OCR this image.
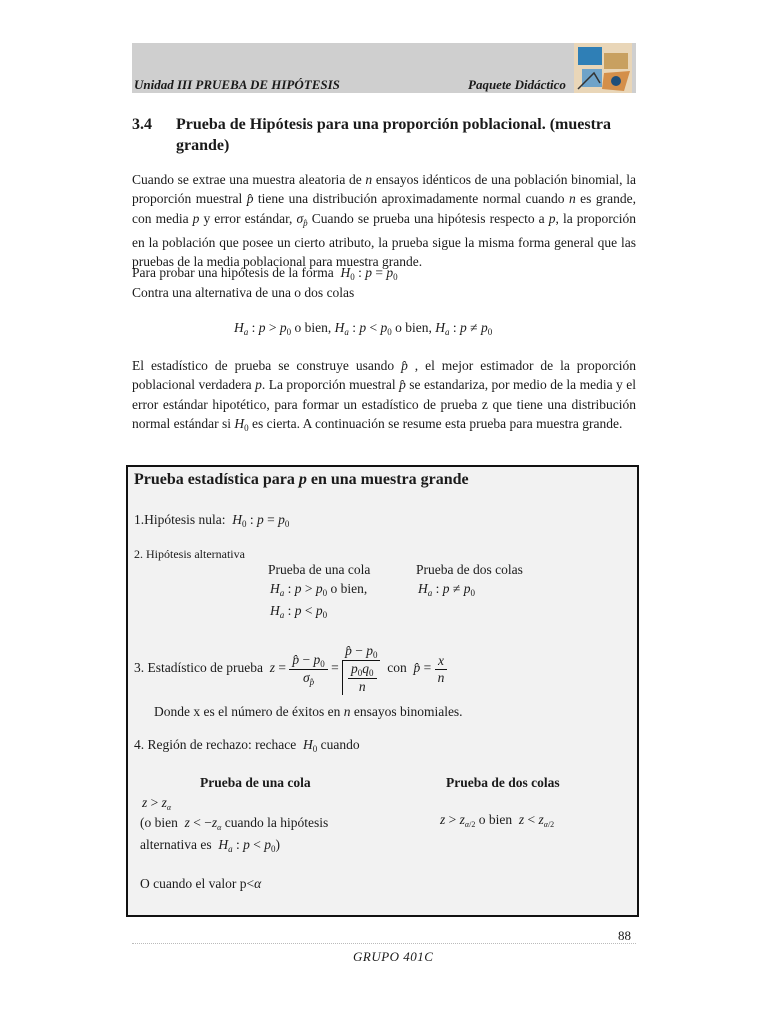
Unidad III PRUEBA DE HIPÓTESIS	Paquete Didáctico
3.4 Prueba de Hipótesis para una proporción poblacional. (muestra grande)
Cuando se extrae una muestra aleatoria de n ensayos idénticos de una población binomial, la proporción muestral p̂ tiene una distribución aproximadamente normal cuando n es grande, con media p y error estándar, $\sigma_{p̂}$ Cuando se prueba una hipótesis respecto a p, la proporción en la población que posee un cierto atributo, la prueba sigue la misma forma general que las pruebas de la media poblacional para muestra grande.
Para probar una hipótesis de la forma $H_0$ : $p = p_0$
Contra una alternativa de una o dos colas
$H_a$ : $p > p_0$ o bien, $H_a$ : $p < p_0$ o bien, $H_a$ : $p \ne p_0$
El estadístico de prueba se construye usando p̂ , el mejor estimador de la proporción poblacional verdadera p. La proporción muestral p̂ se estandariza, por medio de la media y el error estándar hipotético, para formar un estadístico de prueba z que tiene una distribución normal estándar si $H_0$ es cierta. A continuación se resume esta prueba para muestra grande.
Prueba estadística para p en una muestra grande
1.Hipótesis nula: $H_0$ : $p = p_0$
2. Hipótesis alternativa
Prueba de una cola	Prueba de dos colas
$H_a$ : $p > p_0$ o bien,	$H_a$ : $p \ne p_0$
$H_a$ : $p < p_0$
3. Estadístico de prueba $z = \frac{p̂ - p_0}{\sigma_{p̂}} = \frac{p̂ - p_0}{\frac{p_0q_0}{n}}$ con p̂ = $\frac{x}{n}$
Donde x es el número de éxitos en n ensayos binomiales.
4. Región de rechazo: rechace $H_0$ cuando
Prueba de una cola	Prueba de dos colas
$z > z_\alpha$
(o bien $z < -z_\alpha$ cuando la hipótesis
alternativa es $H_a$ : $p < p_0$)
$z > z_{\alpha/2}$ o bien $z < z_{\alpha/2}$
O cuando el valor p<α
88
GRUPO 401C
